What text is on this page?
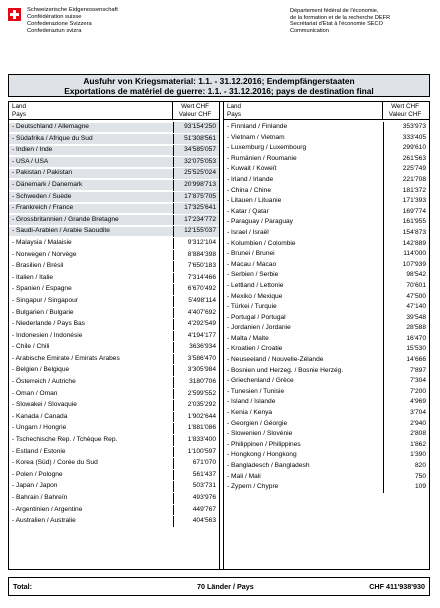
Schweizerische Eidgenossenschaft
Confédération suisse
Confederazione Svizzera
Confederaziun svizra
Département fédéral de l'économie,
de la formation et de la recherche DEFR
Secrétariat d'Etat à l'économie SECO
Communication
Ausfuhr von Kriegsmaterial: 1.1. - 31.12.2016; Endempfängerstaaten
Exportations de matériel de guerre: 1.1. - 31.12.2016; pays de destination final
Land
Pays
Wert CHF
Valeur CHF
- Deutschland / Allemagne	93'154'250
- Südafrika / Afrique du Sud	51'308'561
- Indien / Inde	34'585'057
- USA / USA	32'075'053
- Pakistan / Pakistan	25'525'024
- Dänemark / Danemark	20'998'713
- Schweden / Suède	17'875'705
- Frankreich / France	17'325'641
- Grossbritannien / Grande Bretagne	17'234'772
- Saudi-Arabien / Arabie Saoudite	12'155'037
- Malaysia / Malaisie	9'312'104
- Norwegen / Norvège	8'884'398
- Brasilien / Brésil	7'650'183
- Italien / Italie	7'314'466
- Spanien / Espagne	6'670'492
- Singapur / Singapour	5'498'114
- Bulgarien / Bulgarie	4'407'692
- Niederlande / Pays Bas	4'292'549
- Indonesien / Indonésie	4'194'177
- Chile / Chili	3636'934
- Arabische Emirate / Emirats Arabes	3'586'470
- Belgien / Belgique	3'305'984
- Österreich / Autriche	3180'706
- Oman / Oman	2'599'552
- Slowakei / Slovaquie	2'035'292
- Kanada / Canada	1'902'644
- Ungarn / Hongrie	1'881'086
- Tschechische Rep. / Tchèque Rep.	1'833'400
- Estland / Estonie	1'100'597
- Korea (Süd) / Corée du Sud	671'070
- Polen / Pologne	561'437
- Japan / Japon	503'731
- Bahrain / Bahreïn	493'976
- Argentinien / Argentine	449'767
- Australien / Australie	404'563
Land
Pays
Wert CHF
Valeur CHF
- Finnland / Finlande	353'973
- Vietnam / Vietnam	333'405
- Luxemburg / Luxembourg	299'610
- Rumänien / Roumanie	261'563
- Kuwait / Koweït	225'749
- Irland / Irlande	221'708
- China / Chine	181'372
- Litauen / Lituanie	171'393
- Katar / Qatar	169'774
- Paraguay / Paraguay	161'955
- Israel / Israël	154'873
- Kolumbien / Colombie	142'889
- Brunei / Brunei	114'000
- Macau / Macao	107'939
- Serbien / Serbie	98'542
- Lettland / Lettonie	70'601
- Mexiko / Mexique	47'500
- Türkei / Turquie	47'140
- Portugal / Portugal	39'548
- Jordanien / Jordanie	28'588
- Malta / Malte	16'470
- Kroatien / Croatie	15'530
- Neuseeland / Nouvelle-Zélande	14'666
- Bosnien und Herzeg. / Bosnie Herzég.	7'897
- Griechenland / Grèce	7'304
- Tunesien / Tunisie	7'200
- Island / Islande	4'969
- Kenia / Kenya	3'704
- Georgien / Géorgie	2'940
- Slowenien / Slovénie	2'808
- Philippinen / Philippines	1'862
- Hongkong / Hongkong	1'390
- Bangladesch / Bangladesh	820
- Mali / Mali	750
- Zypern / Chypre	109
Total:	70 Länder / Pays	CHF 411'938'930
